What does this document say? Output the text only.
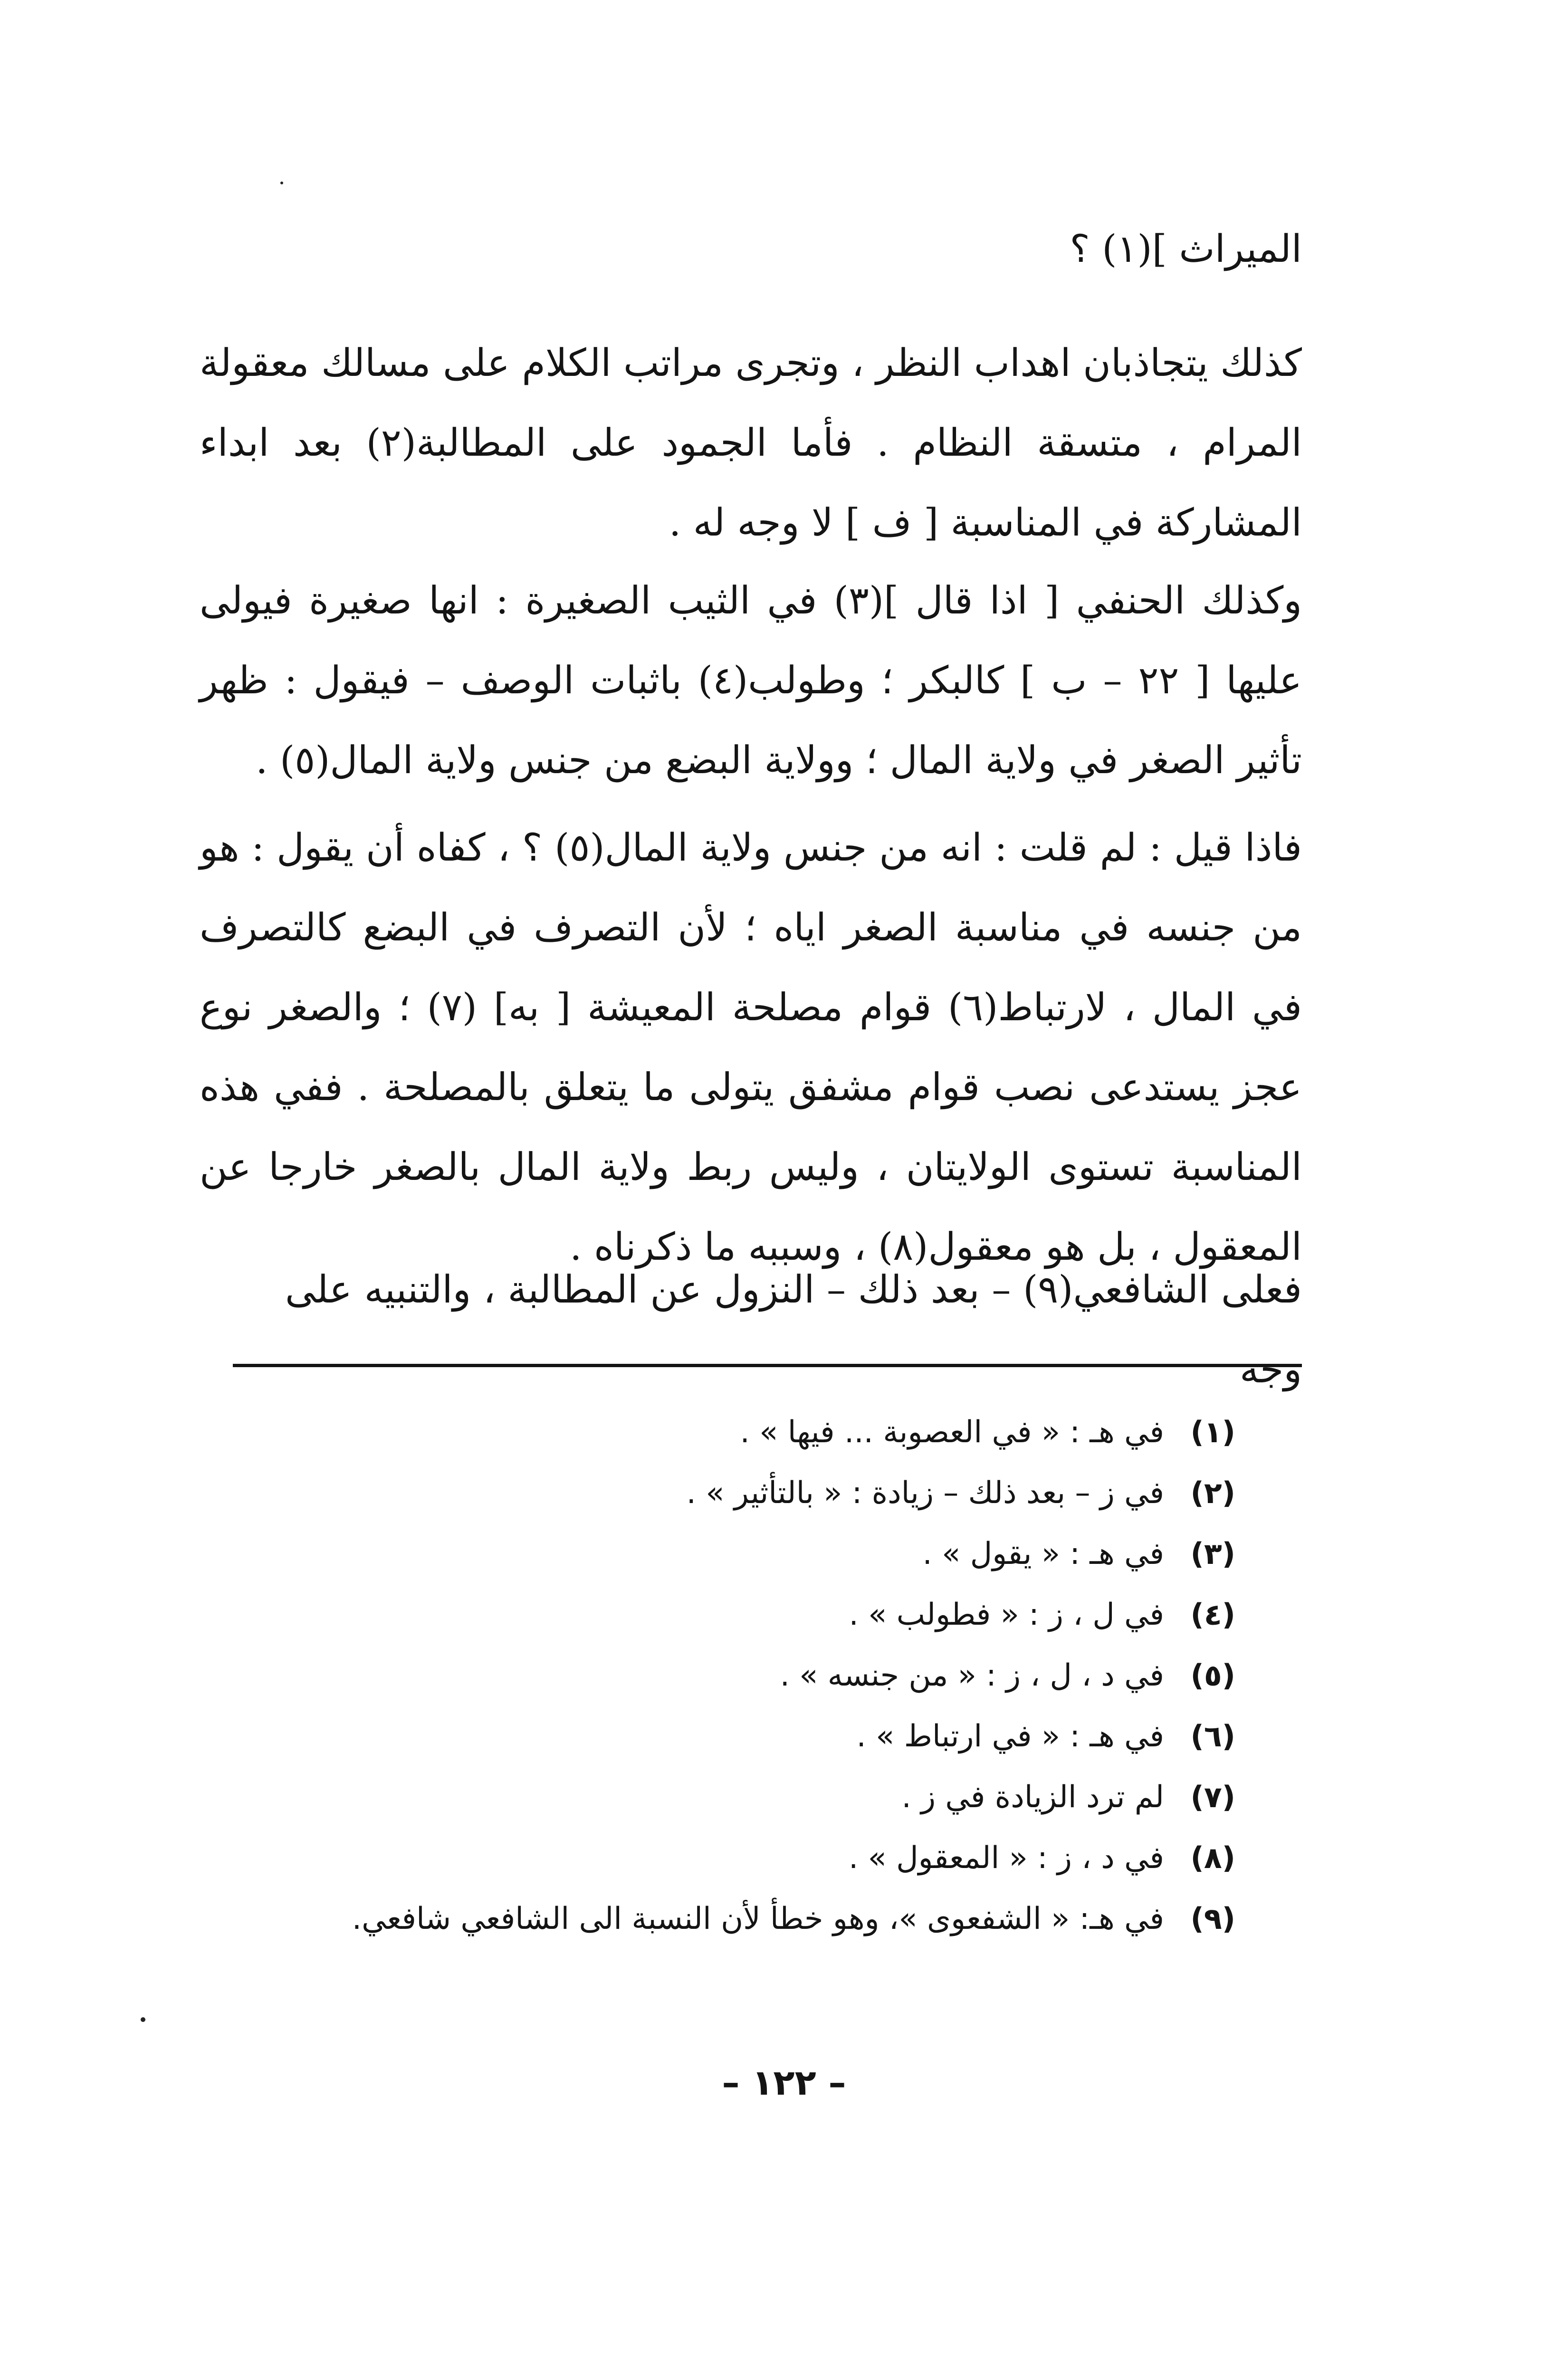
الميراث ](١) ؟

كذلك يتجاذبان اهداب النظر ، وتجرى مراتب الكلام على مسالك معقولة المرام ، متسقة النظام . فأما الجمود على المطالبة(٢) بعد ابداء المشاركة في المناسبة [ ف ] لا وجه له .

وكذلك الحنفي [ اذا قال ](٣) في الثيب الصغيرة : انها صغيرة فيولى عليها [ ٢٢ – ب ] كالبكر ؛ وطولب(٤) باثبات الوصف – فيقول : ظهر تأثير الصغر في ولاية المال ؛ وولاية البضع من جنس ولاية المال(٥) .

فاذا قيل : لم قلت : انه من جنس ولاية المال(٥) ؟ ، كفاه أن يقول : هو من جنسه في مناسبة الصغر اياه ؛ لأن التصرف في البضع كالتصرف في المال ، لارتباط(٦) قوام مصلحة المعيشة [ به] (٧) ؛ والصغر نوع عجز يستدعى نصب قوام مشفق يتولى ما يتعلق بالمصلحة . ففي هذه المناسبة تستوى الولايتان ، وليس ربط ولاية المال بالصغر خارجا عن المعقول ، بل هو معقول(٨) ، وسببه ما ذكرناه .

فعلى الشافعي(٩) – بعد ذلك – النزول عن المطالبة ، والتنبيه على وجه

(١)
في هـ : « في العصوبة ... فيها » .
(٢)
في ز – بعد ذلك – زيادة : « بالتأثير » .
(٣)
في هـ : « يقول » .
(٤)
في ل ، ز : « فطولب » .
(٥)
في د ، ل ، ز : « من جنسه » .
(٦)
في هـ : « في ارتباط » .
(٧)
لم ترد الزيادة في ز .
(٨)
في د ، ز : « المعقول » .
(٩)
في هـ: « الشفعوى »، وهو خطأ لأن النسبة الى الشافعي شافعي.
– ١٢٢ –
